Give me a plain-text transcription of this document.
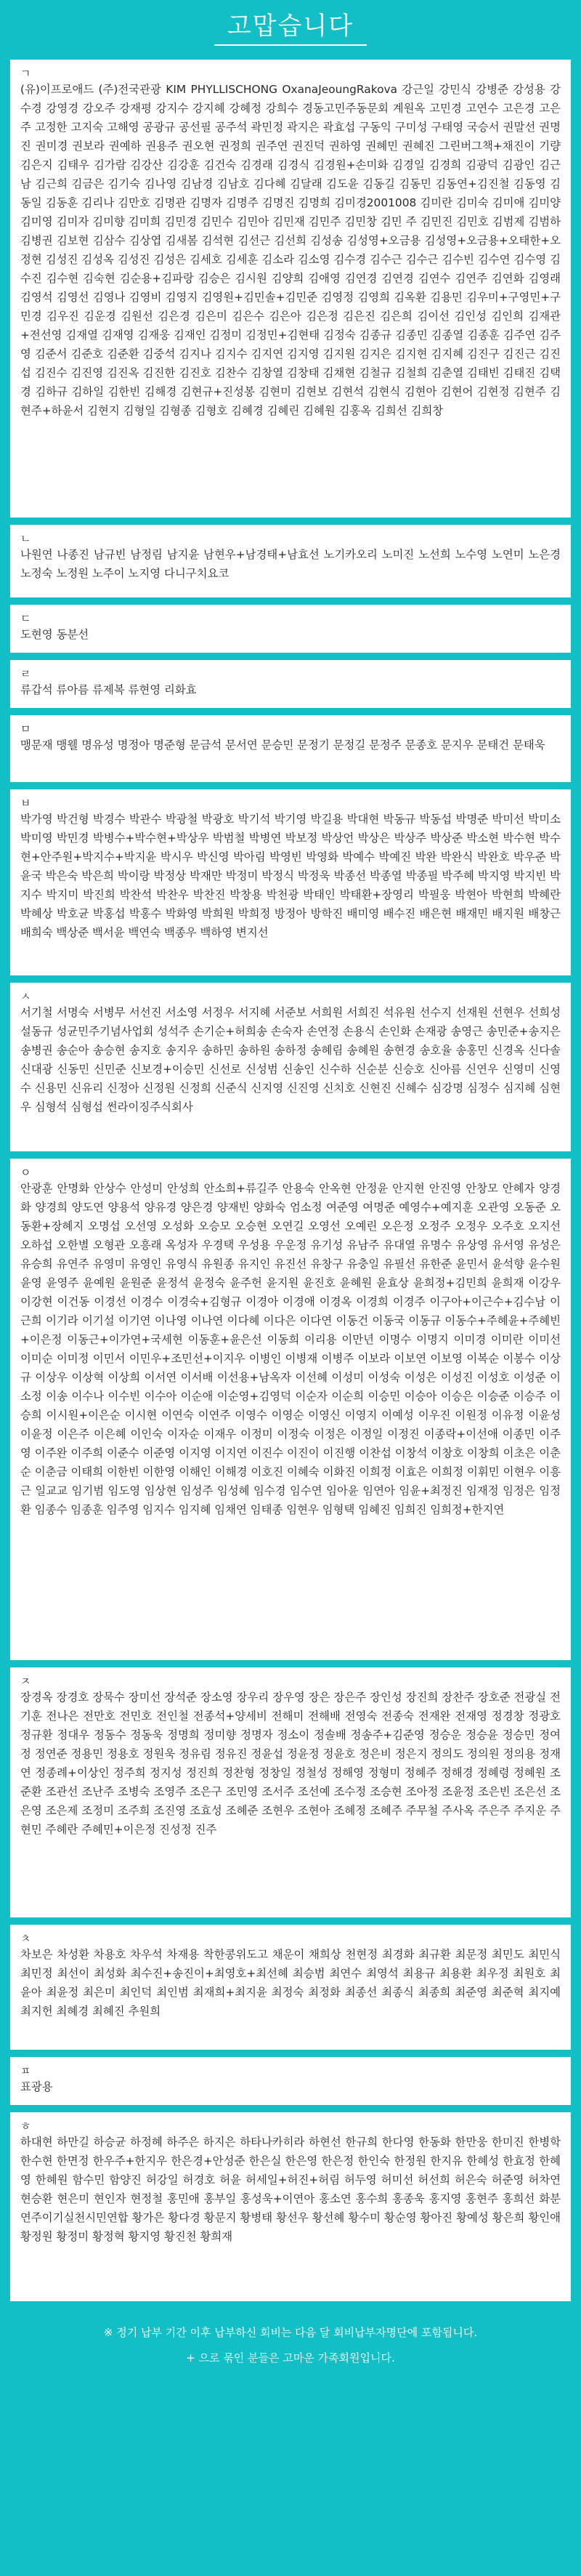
고맙습니다
ㄱ
(유)이프로애드 (주)전국관광 KIM PHYLLISCHONG OxanaJeoungRakova 강근일 강민식 강병준 강성용 강수경 강영경 강오주 강재평 강지수 강지혜 강혜정 강희수 경동고민주동문회 계원옥 고민경 고연수 고은경 고은주 고정한 고지숙 고해영 공광규 공선필 공주석 곽민정 곽지은 곽효섭 구동익 구미성 구태영 국승서 권말선 권명진 권미경 권보라 권예하 권용주 권오현 권정희 권주연 권진덕 권하영 권혜민 권혜진 그린버그책+채진이 기량 김은지 김태우 김가람 김강산 김강훈 김건숙 김경래 김경식 김경원+손미화 김경일 김경희 김광덕 김광인 김근남 김근희 김금은 김기숙 김나영 김남경 김남호 김다혜 김달래 김도윤 김동길 김동민 김동연+김진철 김동영 김동일 김동훈 김리나 김만호 김명관 김명자 김명주 김명진 김명희 김미경2001008 김미란 김미숙 김미애 김미양 김미영 김미자 김미향 김미희 김민경 김민수 김민아 김민재 김민주 김민창 김민 주 김민진 김민호 김범제 김범하 김병권 김보현 김삼수 김상엽 김새봄 김석현 김선근 김선희 김성송 김성영+오금용 김성영+오금용+오태한+오정현 김성진 김성옥 김성진 김성은 김세호 김세훈 김소라 김소영 김수경 김수근 김수근 김수빈 김수연 김수영 김수진 김수현 김숙현 김순용+김파랑 김승은 김시원 김양희 김애영 김연경 김연경 김연수 김연주 김연화 김영래 김영석 김영선 김영나 김영비 김영지 김영원+김민솔+김민준 김영정 김영희 김옥환 김용민 김우미+구영민+구민경 김우진 김운경 김원선 김은경 김은미 김은수 김은아 김은정 김은진 김은희 김이선 김인성 김인희 김재관+전선영 김재열 김재영 김재웅 김재인 김정미 김정민+김현태 김정숙 김종규 김종민 김종열 김종훈 김주연 김주영 김준서 김준호 김준환 김중석 김지나 김지수 김지연 김지영 김지원 김지은 김지현 김지혜 김진구 김진근 김진섭 김진수 김진영 김진옥 김진한 김진호 김찬수 김창열 김창태 김채현 김철규 김철희 김춘열 김태빈 김태진 김택경 김하규 김하일 김한빈 김해경 김현규+진성봉 김현미 김현보 김현석 김현식 김현아 김현어 김현정 김현주 김현주+하윤서 김현지 김형일 김형종 김형호 김혜경 김혜린 김혜원 김홍옥 김희선 김희창
ㄴ
나원연 나종진 남규빈 남정림 남지윤 남현우+남경태+남효선 노기카오리 노미진 노선희 노수영 노연미 노은경 노정숙 노정원 노주이 노지영 다니구치요코
ㄷ
도현영 동분선
ㄹ
류갑석 류아름 류제복 류현영 리화효
ㅁ
맹문재 맹웰 명유성 명정아 명준형 문금석 문서연 문승민 문정기 문정길 문정주 문종호 문지우 문태건 문태욱
ㅂ
박가영 박건형 박경수 박관수 박광철 박광호 박기석 박기영 박길용 박대현 박동규 박동섭 박명준 박미선 박미소 박미영 박민경 박병수+박수현+박상우 박범철 박병연 박보정 박상언 박상은 박상주 박상준 박소현 박수현 박수현+안주원+박지수+박지윤 박시우 박신영 박아림 박영빈 박영화 박예수 박예진 박완 박완식 박완호 박우준 박윤국 박은숙 박은희 박이랑 박정상 박재만 박정미 박정식 박정욱 박종선 박종열 박종필 박주혜 박지영 박지빈 박지수 박지미 박진희 박찬석 박찬우 박찬진 박창용 박천광 박태인 박태환+장영리 박필웅 박현아 박현희 박혜란 박혜상 박호균 박홍섭 박홍수 박화영 박희원 박희정 방정아 방학진 배미영 배수진 배은현 배재민 배지원 배창근 배희숙 백상준 백서윤 백연숙 백종우 백하영 변지선
ㅅ
서기철 서명숙 서병무 서선진 서소영 서정우 서지혜 서준보 서희원 서희진 석유원 선수지 선재원 선현우 선희성 설동규 성균민주기념사업회 성석주 손기순+허희송 손숙자 손연정 손용식 손인화 손재광 송영근 송민준+송지은 송병권 송순아 송승현 송지호 송지우 송하민 송하원 송하정 송혜림 송혜원 송현경 송호율 송홍민 신경옥 신다솔 신대광 신동민 신민준 신보경+이승민 신선로 신성범 신송인 신수하 신순분 신승호 신아름 신연우 신영미 신영수 신용민 신유리 신정아 신정원 신정희 신준식 신지영 신진영 신치호 신현진 신혜수 심강명 심정수 심지혜 심현우 심형석 심형섭 썬라이징주식회사
ㅇ
안광훈 안명화 안상수 안성미 안성희 안소희+류길주 안용숙 안옥현 안정윤 안지현 안진영 안창모 안혜자 양경화 양경희 양도연 양용석 양유경 양은경 양재빈 양화숙 엄소정 여준영 여명준 예영수+예지훈 오관영 오동준 오동환+장혜지 오명섭 오선영 오성화 오승모 오승현 오연길 오영선 오예린 오은정 오정주 오정우 오주호 오지선 오하섭 오한별 오형관 오흥래 옥성자 우경택 우성용 우운정 유기성 유남주 유대열 유명수 유상영 유서영 유성은 유승희 유연주 유영미 유영인 유영식 유원종 유지인 유진선 유창구 유충일 유필선 유한준 윤민서 윤석향 윤수원 윤영 윤영주 윤예원 윤원준 윤정석 윤정숙 윤주헌 윤지원 윤진호 윤혜원 윤효상 윤희정+김민희 윤희재 이강우 이강현 이건동 이경선 이경수 이경숙+김형규 이경아 이경애 이경옥 이경희 이경주 이구아+이근수+김수남 이근희 이기라 이기설 이기연 이나영 이나연 이다혜 이다은 이다연 이동건 이동국 이동규 이동수+주혜윤+주혜빈+이은정 이동근+이가연+국세현 이동훈+윤은선 이동희 이리용 이만년 이명수 이명지 이미경 이미란 이미선 이미순 이미정 이민서 이민우+조민선+이지우 이병인 이병재 이병주 이보라 이보연 이보영 이복순 이봉수 이상규 이상우 이상혁 이상희 이서연 이서배 이선용+남옥자 이선혜 이성미 이성숙 이성은 이성진 이성호 이성준 이소정 이송 이수나 이수빈 이수아 이순애 이순영+김영덕 이순자 이순희 이승민 이승아 이승은 이승준 이승주 이승희 이시원+이은순 이시현 이연숙 이연주 이영수 이영순 이영신 이영지 이예성 이우진 이원정 이유정 이윤성 이윤정 이은주 이은혜 이인숙 이자순 이재우 이정미 이정숙 이정은 이정일 이정진 이종락+이선애 이종민 이주영 이주완 이주희 이준수 이준영 이지영 이지연 이진수 이진이 이진행 이찬섭 이창석 이창호 이창희 이초은 이춘순 이춘금 이태희 이한빈 이한영 이해인 이해경 이호진 이혜숙 이화진 이희정 이효은 이희정 이휘민 이현우 이흥근 일교교 임기범 임도영 임상현 임성주 임성혜 임수경 임수연 임아윤 임연아 임윤+최정진 임재정 임정은 임정환 임종수 임종훈 임주영 임지수 임지혜 임채연 임태종 임현우 임형택 임혜진 임희진 임희정+한지연
ㅈ
장경옥 장경호 장묵수 장미선 장석준 장소영 장우리 장우영 장은 장은주 장인성 장진희 장찬주 장호준 전광실 전기훈 전나은 전만호 전민호 전인철 전종석+양세비 전해미 전해배 전영숙 전종숙 전재완 전재영 정경창 정광호 정규환 정대우 정동수 정동욱 정명희 정미향 정명자 정소이 정솔배 정송주+김준영 정승운 정승윤 정승민 정여정 정연준 정용민 정용호 정원욱 정유림 정유진 정윤섭 정윤정 정윤호 정은비 정은지 정의도 정의원 정의용 정재연 정종례+이상인 정주희 정지성 정진희 정찬형 정창일 정철성 정해영 정형미 정혜주 정해경 정혜령 정혜원 조준환 조관선 조난주 조병숙 조영주 조은구 조민영 조서주 조선예 조수정 조승현 조아정 조윤정 조은빈 조은선 조은영 조은제 조정미 조주희 조진영 조효성 조혜준 조현우 조현아 조혜정 조혜주 주무철 주사옥 주은주 주지운 주현민 주혜란 주혜민+이은정 진성정 진주
ㅊ
차보은 차성환 차용호 차우석 차재용 착한콩위도고 채운이 채희상 천현정 최경화 최규환 최문정 최민도 최민식 최민정 최선이 최성화 최수진+송진이+최영호+최선혜 최승범 최연수 최영석 최용규 최용환 최우정 최원호 최윤아 최윤정 최은미 최인덕 최인범 최재희+최지윤 최정숙 최정화 최종선 최종식 최종희 최준영 최준혁 최지예 최지헌 최혜경 최혜진 추원희
ㅍ
표광용
ㅎ
하대현 하만길 하승균 하정혜 하주은 하지은 하타나카히라 하현선 한규희 한다영 한동화 한만웅 한미진 한병학 한수현 한면정 한우주+한지우 한은경+안성준 한은실 한은영 한은정 한인숙 한정원 한지유 한혜성 한효정 한혜영 한혜원 함수민 함양진 허강일 허경호 허윤 허세일+허진+허림 허두영 허미선 허선희 허은숙 허준영 허차연 현승환 현은미 현인자 현정철 홍민애 홍부일 홍성욱+이연아 홍소연 홍수희 홍종욱 홍지영 홍현주 홍희선 화분연주이기실천시민연합 황가은 황다경 황문지 황병태 황선우 황선혜 황수미 황순영 황아진 황예성 황은희 황인애 황정원 황정미 황정혁 황지영 황진천 황희재
※ 정기 납부 기간 이후 납부하신 회비는 다음 달 회비납부자명단에 포함됩니다.
+ 으로 묶인 분들은 고마운 가족회원입니다.
